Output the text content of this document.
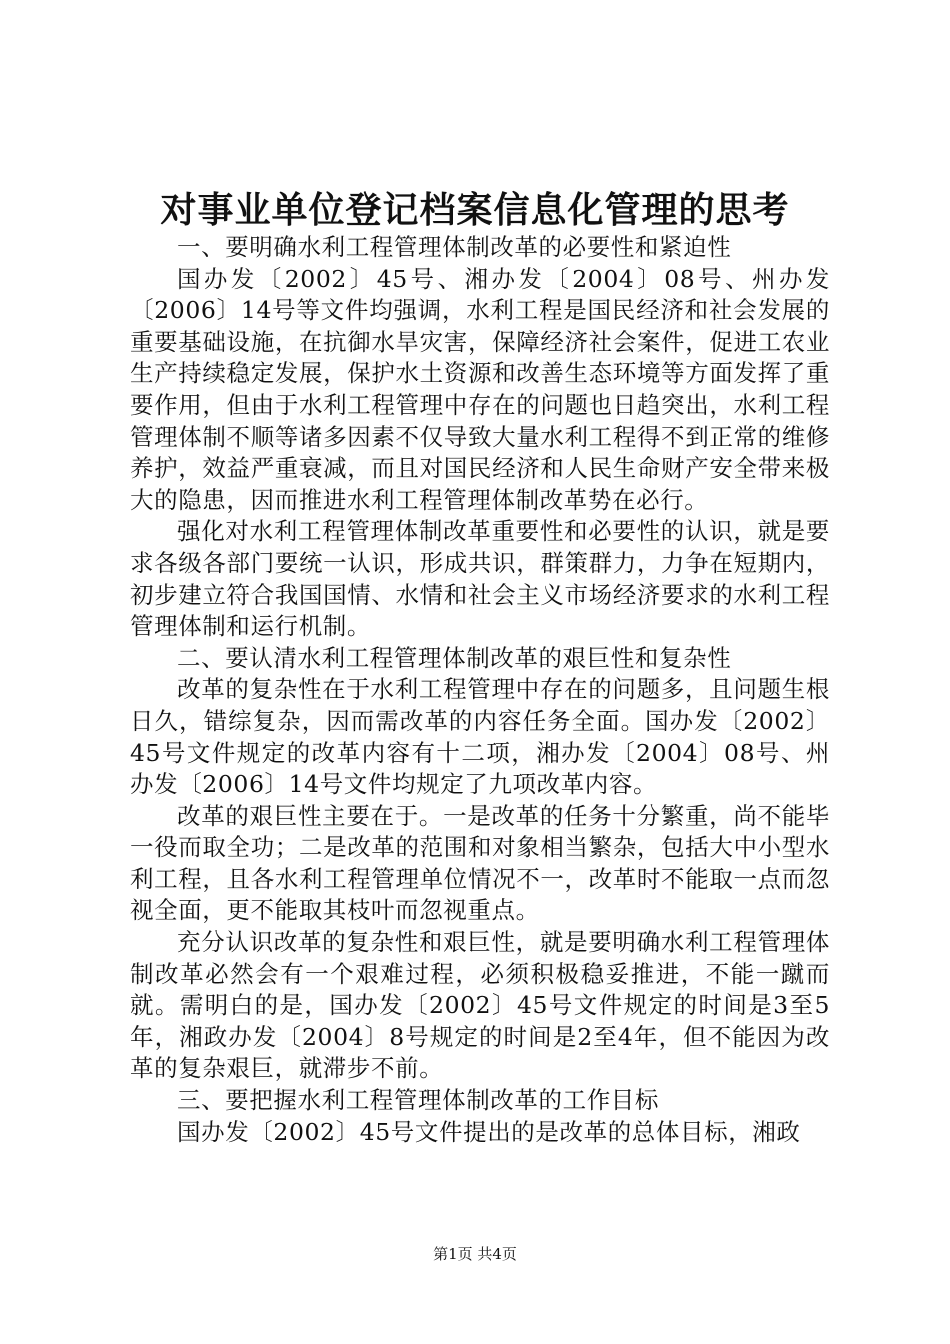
对事业单位登记档案信息化管理的思考

一、要明确水利工程管理体制改革的必要性和紧迫性

国办发〔2002〕45号、湘办发〔2004〕08号、州办发〔2006〕14号等文件均强调，水利工程是国民经济和社会发展的重要基础设施，在抗御水旱灾害，保障经济社会案件，促进工农业生产持续稳定发展，保护水土资源和改善生态环境等方面发挥了重要作用，但由于水利工程管理中存在的问题也日趋突出，水利工程管理体制不顺等诸多因素不仅导致大量水利工程得不到正常的维修养护，效益严重衰减，而且对国民经济和人民生命财产安全带来极大的隐患，因而推进水利工程管理体制改革势在必行。

强化对水利工程管理体制改革重要性和必要性的认识，就是要求各级各部门要统一认识，形成共识，群策群力，力争在短期内，初步建立符合我国国情、水情和社会主义市场经济要求的水利工程管理体制和运行机制。

二、要认清水利工程管理体制改革的艰巨性和复杂性

改革的复杂性在于水利工程管理中存在的问题多，且问题生根日久，错综复杂，因而需改革的内容任务全面。国办发〔2002〕45号文件规定的改革内容有十二项，湘办发〔2004〕08号、州办发〔2006〕14号文件均规定了九项改革内容。

改革的艰巨性主要在于。一是改革的任务十分繁重，尚不能毕一役而取全功；二是改革的范围和对象相当繁杂，包括大中小型水利工程，且各水利工程管理单位情况不一，改革时不能取一点而忽视全面，更不能取其枝叶而忽视重点。

充分认识改革的复杂性和艰巨性，就是要明确水利工程管理体制改革必然会有一个艰难过程，必须积极稳妥推进，不能一蹴而就。需明白的是，国办发〔2002〕45号文件规定的时间是3至5年，湘政办发〔2004〕8号规定的时间是2至4年，但不能因为改革的复杂艰巨，就滞步不前。

三、要把握水利工程管理体制改革的工作目标

国办发〔2002〕45号文件提出的是改革的总体目标，湘政

第1页 共4页
